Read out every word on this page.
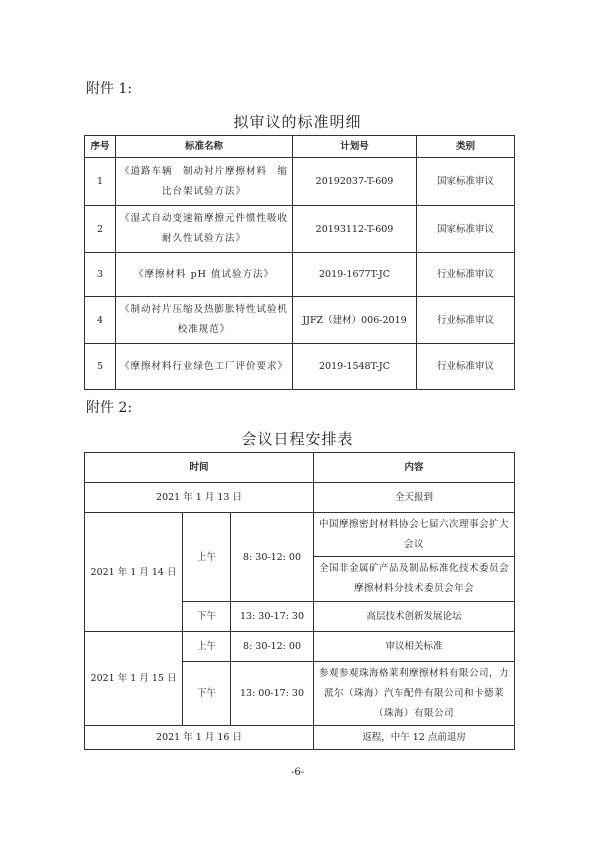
附件 1:
拟审议的标准明细
序号	标准名称	计划号	类别
1	《道路车辆　制动衬片摩擦材料　缩比台架试验方法》	20192037-T-609	国家标准审议
2	《湿式自动变速箱摩擦元件惯性吸收耐久性试验方法》	20193112-T-609	国家标准审议
3	《摩擦材料 pH 值试验方法》	2019-1677T-JC	行业标准审议
4	《制动衬片压缩及热膨胀特性试验机校准规范》	JJFZ（建材）006-2019	行业标准审议
5	《摩擦材料行业绿色工厂评价要求》	2019-1548T-JC	行业标准审议
附件 2:
会议日程安排表
时间			内容
2021 年 1 月 13 日			全天报到
2021 年 1 月 14 日	上午	8: 30-12: 00	中国摩擦密封材料协会七届六次理事会扩大会议
			全国非金属矿产品及制品标准化技术委员会摩擦材料分技术委员会年会
	下午	13: 30-17: 30	高层技术创新发展论坛
2021 年 1 月 15 日	上午	8: 30-12: 00	审议相关标准
	下午	13: 00-17: 30	参观参观珠海格莱利摩擦材料有限公司，力派尔（珠海）汽车配件有限公司和卡德莱（珠海）有限公司
2021 年 1 月 16 日			返程，中午 12 点前退房
-6-
